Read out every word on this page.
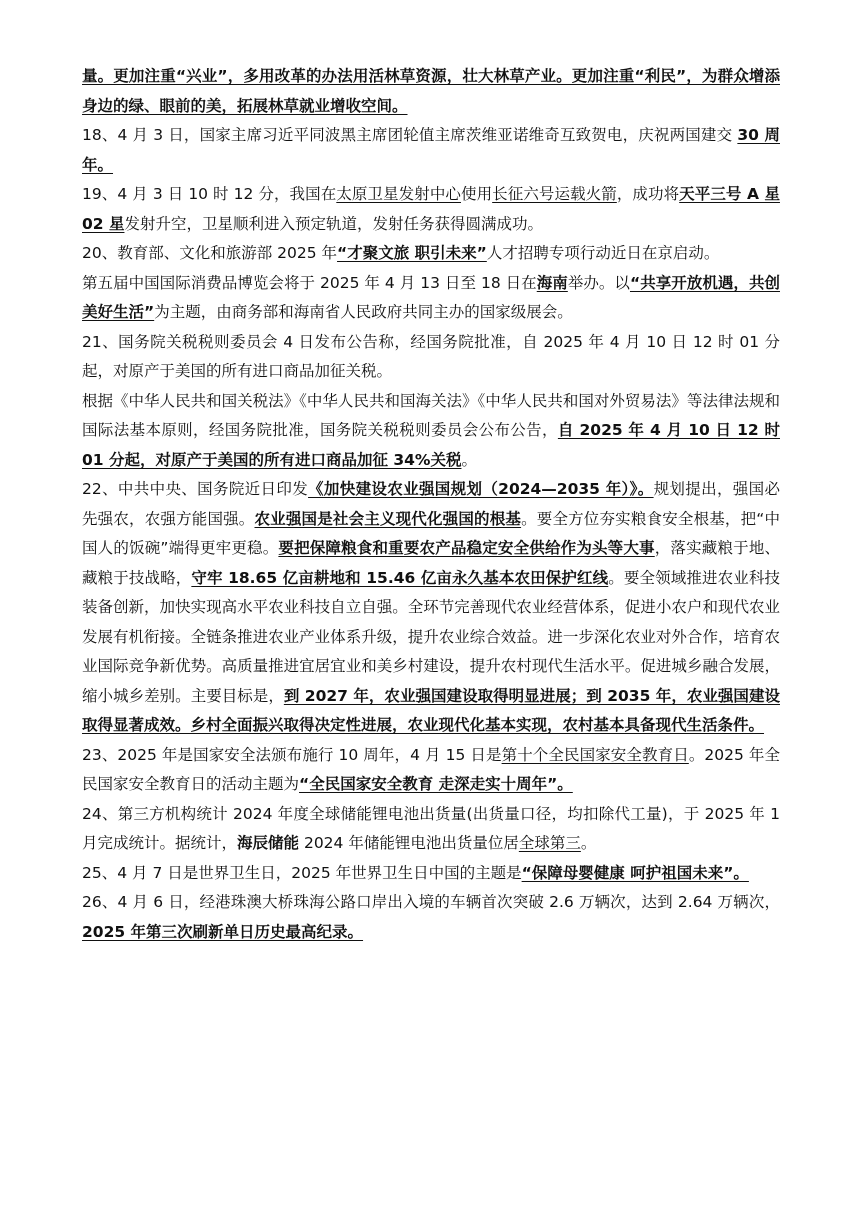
量。更加注重“兴业”，多用改革的办法用活林草资源，壮大林草产业。更加注重“利民”，为群众增添身边的绿、眼前的美，拓展林草就业增收空间。

18、4 月 3 日，国家主席习近平同波黑主席团轮值主席茨维亚诺维奇互致贺电，庆祝两国建交 30 周年。

19、4 月 3 日 10 时 12 分，我国在太原卫星发射中心使用长征六号运载火箭，成功将天平三号 A 星 02 星发射升空，卫星顺利进入预定轨道，发射任务获得圆满成功。

20、教育部、文化和旅游部 2025 年“才聚文旅 职引未来”人才招聘专项行动近日在京启动。

第五届中国国际消费品博览会将于 2025 年 4 月 13 日至 18 日在海南举办。以“共享开放机遇，共创美好生活”为主题，由商务部和海南省人民政府共同主办的国家级展会。

21、国务院关税税则委员会 4 日发布公告称，经国务院批准，自 2025 年 4 月 10 日 12 时 01 分起，对原产于美国的所有进口商品加征关税。

根据《中华人民共和国关税法》《中华人民共和国海关法》《中华人民共和国对外贸易法》等法律法规和国际法基本原则，经国务院批准，国务院关税税则委员会公布公告，自 2025 年 4 月 10 日 12 时 01 分起，对原产于美国的所有进口商品加征 34%关税。

22、中共中央、国务院近日印发《加快建设农业强国规划（2024—2035 年）》。规划提出，强国必先强农，农强方能国强。农业强国是社会主义现代化强国的根基。要全方位夯实粮食安全根基，把“中国人的饭碗”端得更牢更稳。要把保障粮食和重要农产品稳定安全供给作为头等大事，落实藏粮于地、藏粮于技战略，守牢 18.65 亿亩耕地和 15.46 亿亩永久基本农田保护红线。要全领域推进农业科技装备创新，加快实现高水平农业科技自立自强。全环节完善现代农业经营体系，促进小农户和现代农业发展有机衔接。全链条推进农业产业体系升级，提升农业综合效益。进一步深化农业对外合作，培育农业国际竞争新优势。高质量推进宜居宜业和美乡村建设，提升农村现代生活水平。促进城乡融合发展，缩小城乡差别。主要目标是，到 2027 年，农业强国建设取得明显进展；到 2035 年，农业强国建设取得显著成效。乡村全面振兴取得决定性进展，农业现代化基本实现，农村基本具备现代生活条件。

23、2025 年是国家安全法颁布施行 10 周年，4 月 15 日是第十个全民国家安全教育日。2025 年全民国家安全教育日的活动主题为“全民国家安全教育 走深走实十周年”。

24、第三方机构统计 2024 年度全球储能锂电池出货量(出货量口径，均扣除代工量)，于 2025 年 1 月完成统计。据统计，海辰储能 2024 年储能锂电池出货量位居全球第三。

25、4 月 7 日是世界卫生日，2025 年世界卫生日中国的主题是“保障母婴健康 呵护祖国未来”。

26、4 月 6 日，经港珠澳大桥珠海公路口岸出入境的车辆首次突破 2.6 万辆次，达到 2.64 万辆次，2025 年第三次刷新单日历史最高纪录。
